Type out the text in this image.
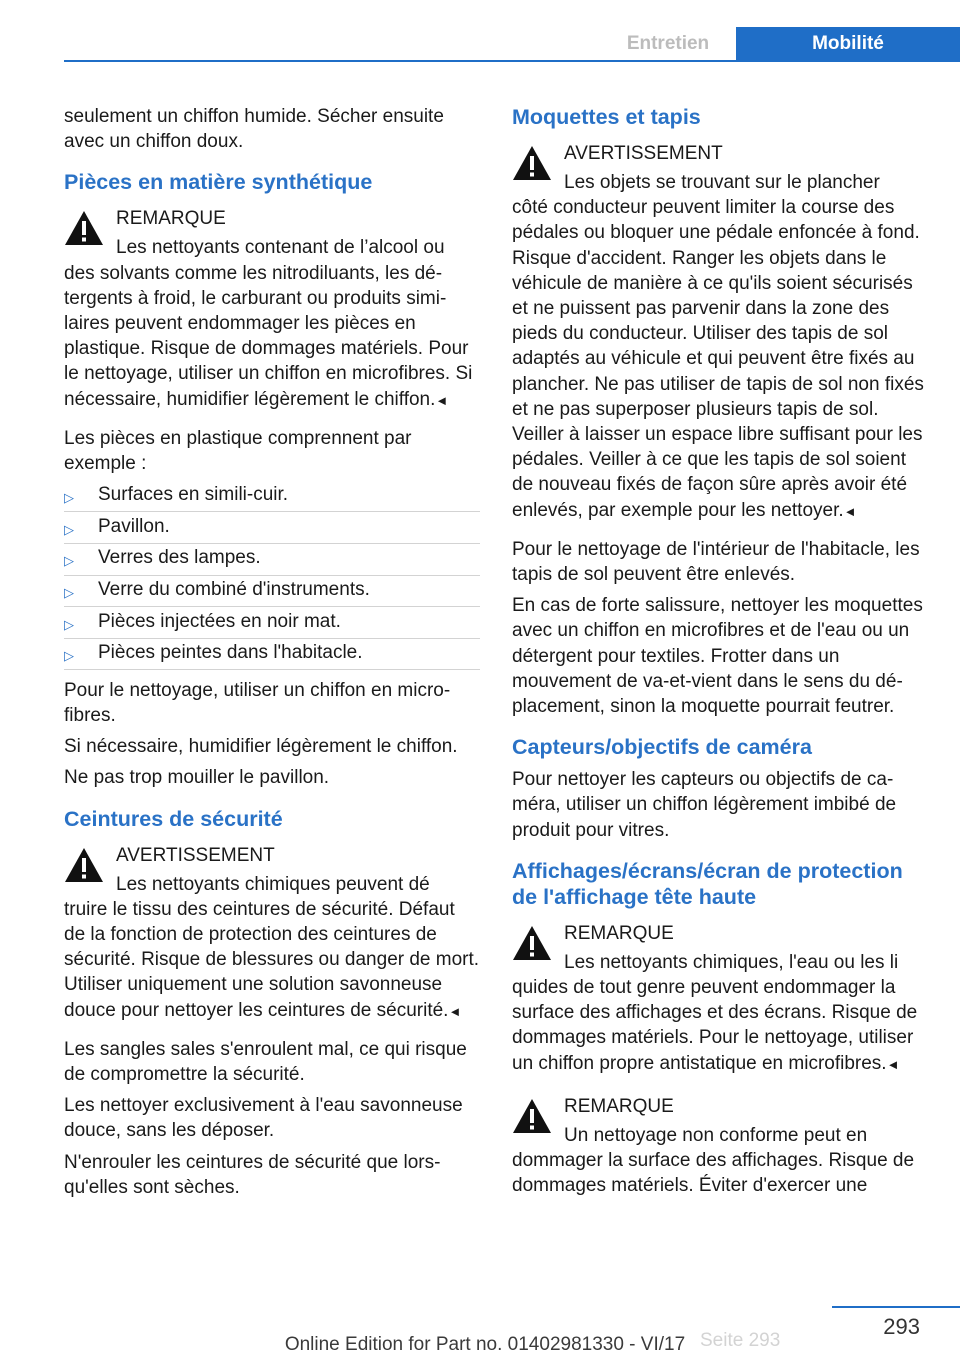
Entretien	Mobilité

seulement un chiffon humide. Sécher ensuite avec un chiffon doux.

Pièces en matière synthétique
REMARQUE
Les nettoyants contenant de l’alcool ou
des solvants comme les nitrodiluants, les détergents à froid, le carburant ou produits similaires peuvent endommager les pièces en plastique. Risque de dommages matériels. Pour le nettoyage, utiliser un chiffon en microfibres. Si nécessaire, humidifier légèrement le chiffon. ◄

Les pièces en plastique comprennent par exemple :

▷
Surfaces en simili-cuir.
▷
Pavillon.
▷
Verres des lampes.
▷
Verre du combiné d'instruments.
▷
Pièces injectées en noir mat.
▷
Pièces peintes dans l'habitacle.

Pour le nettoyage, utiliser un chiffon en microfibres.

Si nécessaire, humidifier légèrement le chiffon.

Ne pas trop mouiller le pavillon.

Ceintures de sécurité
AVERTISSEMENT
Les nettoyants chimiques peuvent dé
truire le tissu des ceintures de sécurité. Défaut de la fonction de protection des ceintures de sécurité. Risque de blessures ou danger de mort. Utiliser uniquement une solution savonneuse douce pour nettoyer les ceintures de sécurité. ◄

Les sangles sales s'enroulent mal, ce qui risque de compromettre la sécurité.

Les nettoyer exclusivement à l'eau savonneuse douce, sans les déposer.

N'enrouler les ceintures de sécurité que lorsqu'elles sont sèches.

Moquettes et tapis
AVERTISSEMENT
Les objets se trouvant sur le plancher
côté conducteur peuvent limiter la course des pédales ou bloquer une pédale enfoncée à fond. Risque d'accident. Ranger les objets dans le véhicule de manière à ce qu'ils soient sécurisés et ne puissent pas parvenir dans la zone des pieds du conducteur. Utiliser des tapis de sol adaptés au véhicule et qui peuvent être fixés au plancher. Ne pas utiliser de tapis de sol non fixés et ne pas superposer plusieurs tapis de sol. Veiller à laisser un espace libre suffisant pour les pédales. Veiller à ce que les tapis de sol soient de nouveau fixés de façon sûre après avoir été enlevés, par exemple pour les nettoyer. ◄

Pour le nettoyage de l'intérieur de l'habitacle, les tapis de sol peuvent être enlevés.

En cas de forte salissure, nettoyer les moquettes avec un chiffon en microfibres et de l'eau ou un détergent pour textiles. Frotter dans un mouvement de va-et-vient dans le sens du déplacement, sinon la moquette pourrait feutrer.

Capteurs/objectifs de caméra

Pour nettoyer les capteurs ou objectifs de caméra, utiliser un chiffon légèrement imbibé de produit pour vitres.

Affichages/écrans/écran de protection de l'affichage tête haute
REMARQUE
Les nettoyants chimiques, l'eau ou les li
quides de tout genre peuvent endommager la surface des affichages et des écrans. Risque de dommages matériels. Pour le nettoyage, utiliser un chiffon propre antistatique en microfibres. ◄
REMARQUE
Un nettoyage non conforme peut en
dommager la surface des affichages. Risque de dommages matériels. Éviter d'exercer une
293
Seite 293
Online Edition for Part no. 01402981330 - VI/17
